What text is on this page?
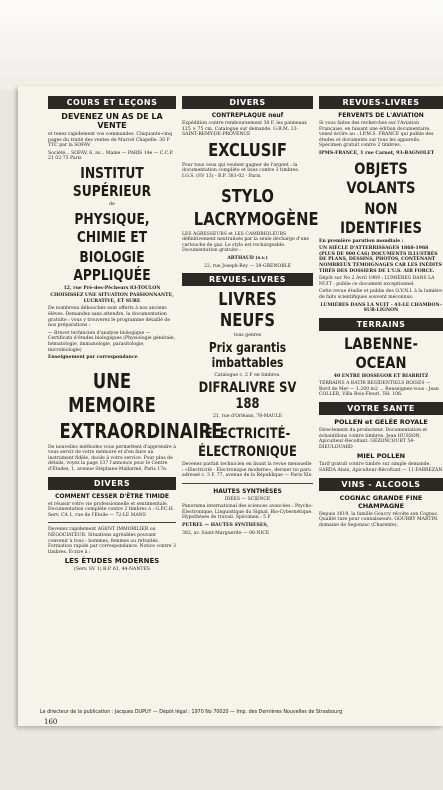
COURS ET LEÇONS
DEVENEZ UN AS DE LA VENTE

et tenez rapidement vos commandes. Cinquante-cinq pages du traité des ventes de Marcel Chapelle. 30 F TTC par la SOFAV

Société... SOFAV, 6, av... Maine — PARIS 14e — C.C.P. 21 02-73 Paris

INSTITUT SUPÉRIEUR
de
PHYSIQUE, CHIMIE ET
BIOLOGIE APPLIQUÉE

12, rue Pré-des-Pêcheurs 83-TOULON

CHOISISSEZ UNE SITUATION PASSIONNANTE, LUCRATIVE, ET SURE

De nombreux débouchés sont offerts à nos anciens élèves. Demandez sans attendre, la documentation gratuite : vous y trouverez le programme détaillé de nos préparations :

— Brevet technicien d'analyse biologique — Certificats d'études biologiques (Physiologie générale, hématologie, immunologie, parasitologie, microbiologie)

Enseignement par correspondance

UNE MEMOIRE
EXTRAORDINAIRE

De nouvelles méthodes vous permettent d'apprendre à vous servir de votre mémoire et d'en faire un instrument fidèle, docile à votre service. Pour plus de détails, voyez la page 137 l'annonce pour le Centre d'Études, 1, avenue Stéphane-Mallarmé, Paris 17e.

DIVERS
COMMENT CESSER D'ÊTRE TIMIDE

et réussir votre vie professionnelle et sentimentale. Documentation complète contre 2 timbres à : G.P.C.H. Serv. CA 1, rue de l'Etoile — 72-LE MANS

Devenez rapidement AGENT IMMOBILIER ou NÉGOCIATEUR. Situations agréables pouvant convenir à tous : hommes, femmes ou retraités. Formation rapide par correspondance. Notice contre 3 timbres. Écrire à :

LES ÉTUDES MODERNES

(Serv. SV 1) B.P. 61, 44-NANTES

DIVERS
CONTREPLAQUE neuf

Expédition contre remboursement 30 F, les panneaux 125 × 75 cm. Catalogue sur demande. G.R.M. 13-SAINT-REMY-DE-PROVENCE

EXCLUSIF

Pour tous ceux qui veulent gagner de l'argent : la documentation complète et lisez contre 3 timbres. I.G.S. (SV 13) - B.P. 381-02 - Paris.

STYLO
LACRYMOGÈNE

LES AGRESSEURS et LES CAMBRIOLEURS définitivement neutralisés par la seule décharge d'une cartouche de gaz. Le stylo est rechargeable. Documentation gratuite :

ARTHAUD (s.v.)

22, rue Joseph-Rey — 38-GRENOBLE

REVUES-LIVRES
LIVRES NEUFS
tous genres
Prix garantis imbattables

Catalogue c. 2 F en timbres.

DIFRALIVRE SV 188

21, rue d'Orléans, 78-MAULE

ÉLECTRICITÉ-
ÉLECTRONIQUE

Devenez parfait technicien en lisant la revue mensuelle : «Electricité - Electronique moderne», dernier no paru adressé c. 3 F, 77, avenue de la République — Paris XIe

HAUTES SYNTHÈSES
IDÉES — SCIENCE

Panorama international des sciences avancées : Psycho-Électronique, Linguistique du Signal, Bio-Cybernétique. Hypothèses de travail. Spécimen : 5 F

PETREL — HAUTES SYNTHÈSES,

382, av. Saint-Marguerite — 06-NICE

REVUES-LIVRES
FERVENTS DE L'AVIATION

Si vous faites des recherches sur l'Aviation Française, en faisant une édition documentaire, venez écrire au : I.P.M.S. FRANCE qui publie des études et documents sur tous les appareils. Spécimen gratuit contre 2 timbres.

IPMS-FRANCE, 1 rue Carnot, 93-BAGNOLET

OBJETS VOLANTS
NON IDENTIFIES

En première parution mondiale :

UN SIÈCLE D'ATTERRISSAGES 1868-1968 (PLUS DE 900 CAS) DOCUMENTS ILLUSTRÉS DE PLANS, DESSINS, PHOTOS, CONTENANT NOMBREUX TÉMOIGNAGES CAR LES INÉDITS TIRÉS DES DOSSIERS DE L'U.S. AIR FORCE.

Dépôt sur No 2 Avril 1969 : LUMIÈRES DANS LA NUIT - publie ce document exceptionnel.

Cette revue étudie et publie des O.V.N.I. à la lumière de faits scientifiques souvent méconnus.

LUMIÈRES DANS LA NUIT - 43-LE CHAMBON-SUR-LIGNON

TERRAINS
LABENNE-OCEAN

40 ENTRE HOSSEGOR ET BIARRITZ

TERRAINS A BATIR RESIDENTIELS BOISÉS — Bord de Mer — 1.200 m2 ... Renseignez-vous : Jean COLLER, Villa Bois-Fleuri, Tél. 106.

VOTRE SANTE
POLLEN et GELÉE ROYALE

Directement du producteur. Documentation et échantillons contre timbres. Jean HUSSON, Apiculteur-Récoltant. GEZONCOURT 54-DIEULOUARD

MIEL POLLEN

Tarif gratuit contre timbre sur simple demande. SARDA Alain, Apiculteur-Récoltant — 11-FABREZAN

VINS - ALCOOLS
COGNAC GRANDE FINE CHAMPAGNE

Depuis 1619, la famille Goucry récolte son Cognac. Qualité rare pour connaisseurs. GOURRY MARTIN, domaine de Segonzac (Charente).

Le directeur de la publication : Jacques DUPUY — Dépôt légal : 1970 No 70020 — Imp. des Dernières Nouvelles de Strasbourg
160
